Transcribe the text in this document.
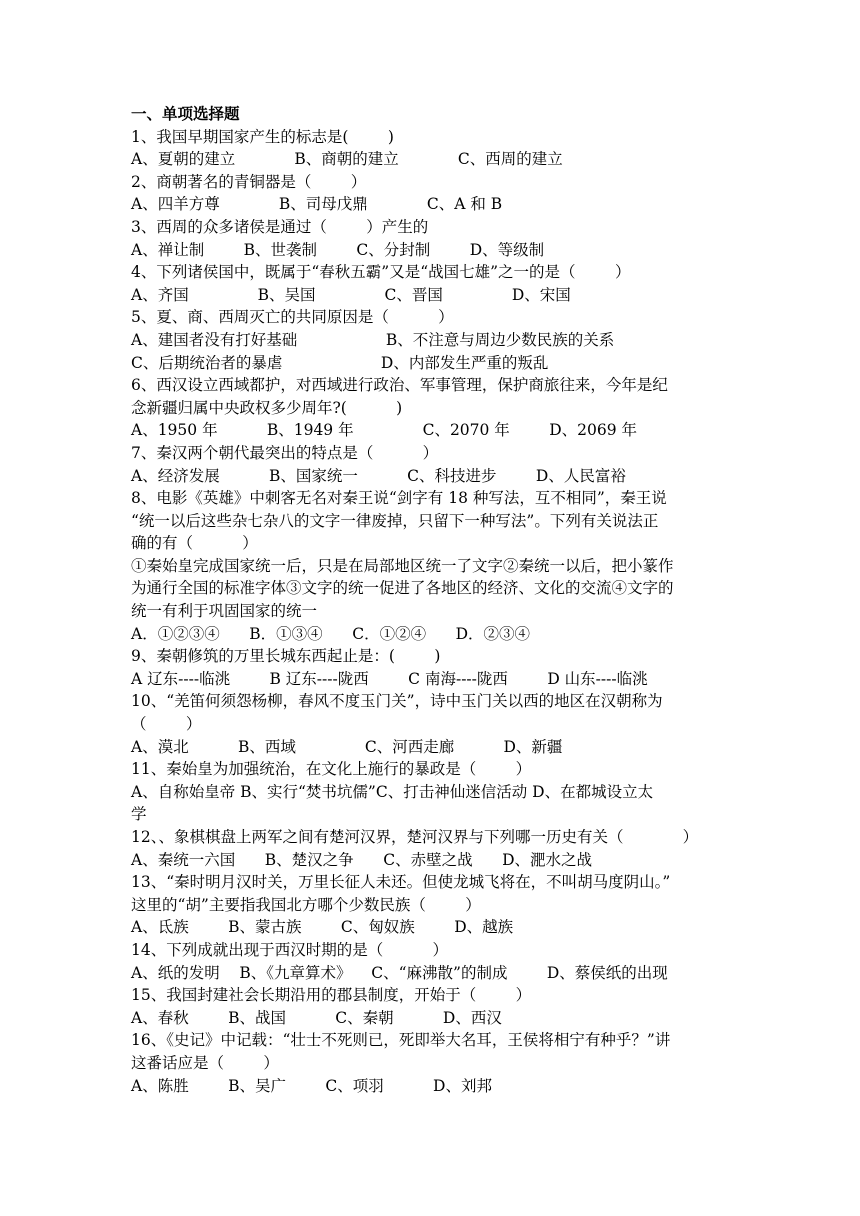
一、单项选择题
1、我国早期国家产生的标志是(        )
A、夏朝的建立            B、商朝的建立            C、西周的建立
2、商朝著名的青铜器是（        ）
A、四羊方尊            B、司母戊鼎            C、A 和 B
3、西周的众多诸侯是通过（        ）产生的
A、禅让制        B、世袭制        C、分封制        D、等级制
4、下列诸侯国中，既属于“春秋五霸”又是“战国七雄”之一的是（        ）
A、齐国              B、吴国              C、晋国              D、宋国
5、夏、商、西周灭亡的共同原因是（          ）
A、建国者没有打好基础                  B、不注意与周边少数民族的关系
C、后期统治者的暴虐                    D、内部发生严重的叛乱
6、西汉设立西域都护，对西域进行政治、军事管理，保护商旅往来，今年是纪
念新疆归属中央政权多少周年?(          )
A、1950 年          B、1949 年              C、2070 年        D、2069 年
7、秦汉两个朝代最突出的特点是（          ）
A、经济发展          B、国家统一          C、科技进步        D、人民富裕
8、电影《英雄》中刺客无名对秦王说“剑字有 18 种写法，互不相同”，秦王说
“统一以后这些杂七杂八的文字一律废掉，只留下一种写法”。下列有关说法正
确的有（          ）
①秦始皇完成国家统一后，只是在局部地区统一了文字②秦统一以后，把小篆作
为通行全国的标准字体③文字的统一促进了各地区的经济、文化的交流④文字的
统一有利于巩固国家的统一
A．①②③④      B．①③④      C．①②④      D．②③④
9、秦朝修筑的万里长城东西起止是：(        )
A 辽东----临洮        B 辽东----陇西        C 南海----陇西        D 山东----临洮
10、“羌笛何须怨杨柳，春风不度玉门关”，诗中玉门关以西的地区在汉朝称为
（        ）
A、漠北          B、西域              C、河西走廊          D、新疆
11、秦始皇为加强统治，在文化上施行的暴政是（        ）
A、自称始皇帝 B、实行“焚书坑儒”C、打击神仙迷信活动 D、在都城设立太
学
12、、象棋棋盘上两军之间有楚河汉界，楚河汉界与下列哪一历史有关（            ）
A、秦统一六国      B、楚汉之争      C、赤壁之战      D、淝水之战
13、“秦时明月汉时关，万里长征人未还。但使龙城飞将在，不叫胡马度阴山。”
这里的“胡”主要指我国北方哪个少数民族（        ）
A、氐族        B、蒙古族        C、匈奴族        D、越族
14、下列成就出现于西汉时期的是（          ）
A、纸的发明    B、《九章算术》    C、“麻沸散”的制成        D、蔡侯纸的出现
15、我国封建社会长期沿用的郡县制度，开始于（        ）
A、春秋        B、战国          C、秦朝          D、西汉
16、《史记》中记载：“壮士不死则已，死即举大名耳，王侯将相宁有种乎？”讲
这番话应是（        ）
A、陈胜        B、吴广        C、项羽          D、刘邦
